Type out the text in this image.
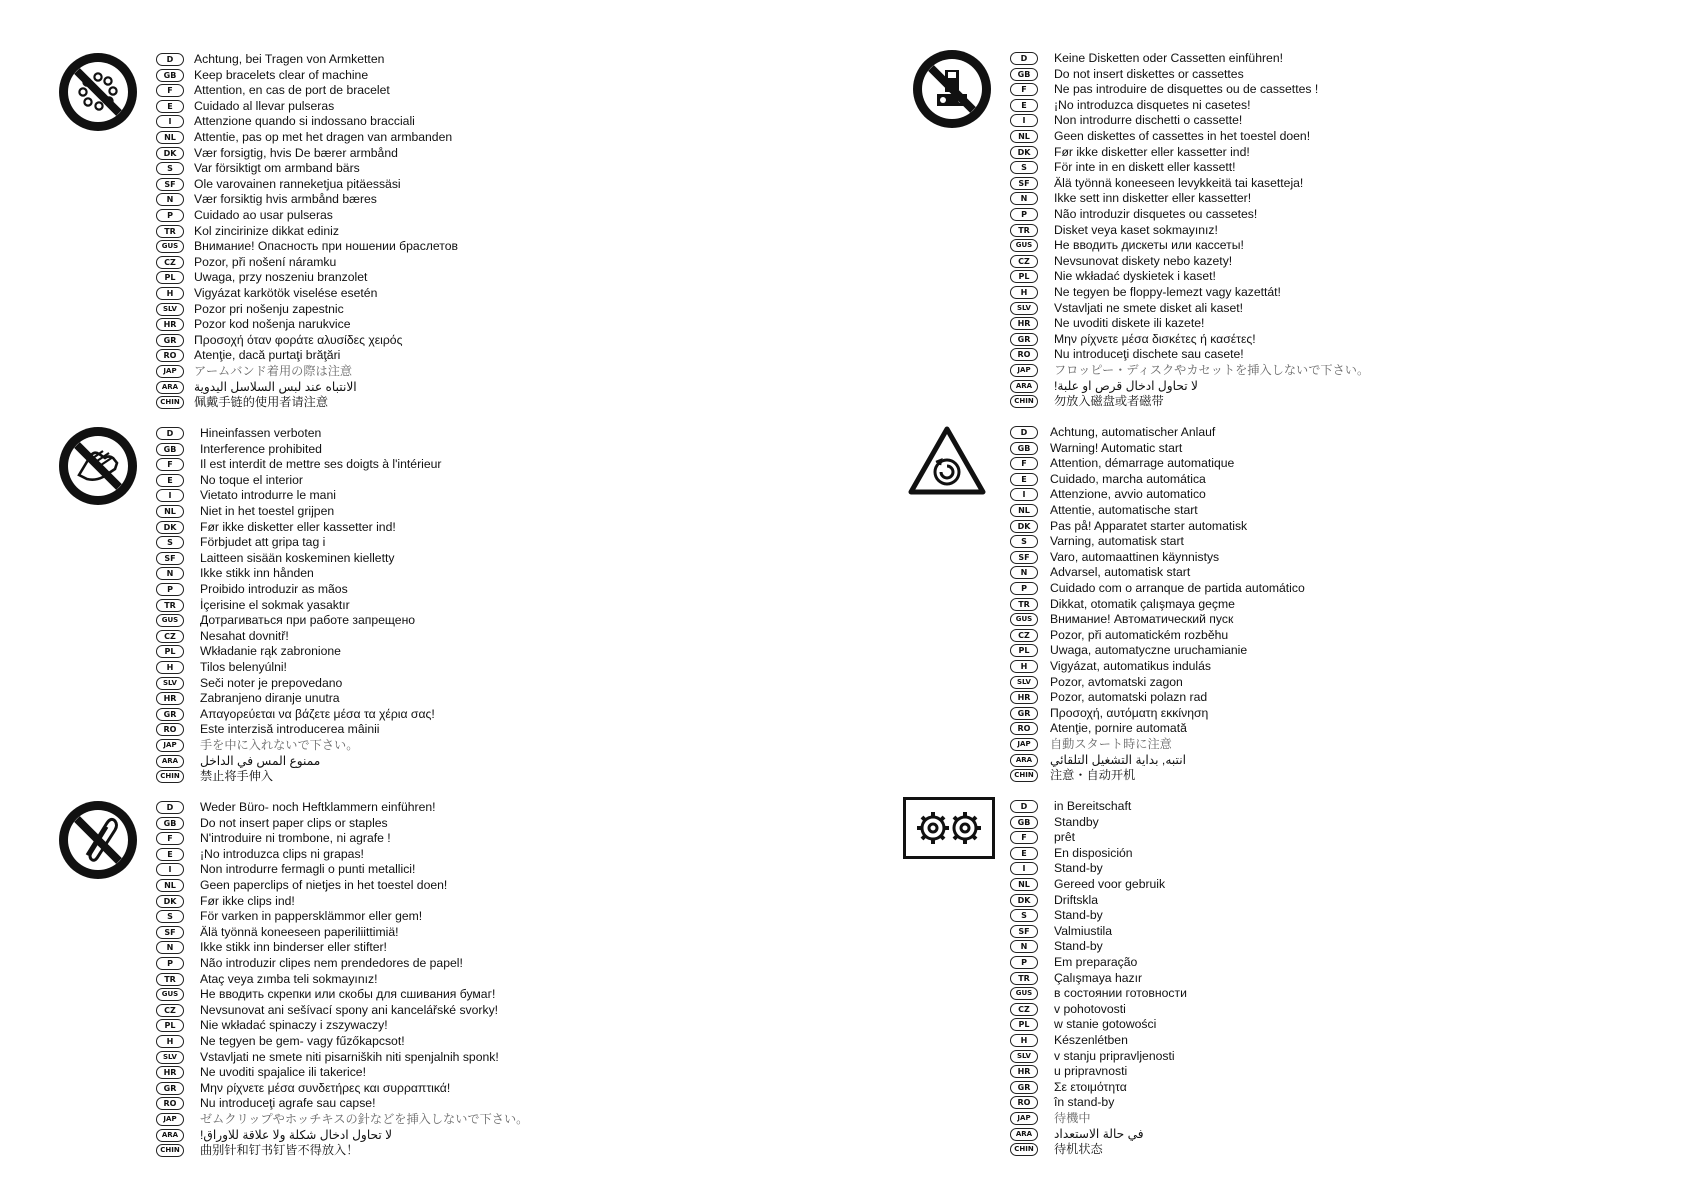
D	Achtung, bei Tragen von Armketten
GB	Keep bracelets clear of machine
F	Attention, en cas de port de bracelet
E	Cuidado al llevar pulseras
I	Attenzione quando si indossano bracciali
NL	Attentie, pas op met het dragen van armbanden
DK	Vær forsigtig, hvis De bærer armbånd
S	Var försiktigt om armband bärs
SF	Ole varovainen ranneketjua pitäessäsi
N	Vær forsiktig hvis armbånd bæres
P	Cuidado ao usar pulseras
TR	Kol zincirinize dikkat ediniz
GUS	Внимание! Опасность при ношении браслетов
CZ	Pozor, při nošení náramku
PL	Uwaga, przy noszeniu branzolet
H	Vigyázat karkötök viselése esetén
SLV	Pozor pri nošenju zapestnic
HR	Pozor kod nošenja narukvice
GR	Προσοχή όταν φοράτε αλυσίδες χειρός
RO	Atenţie, dacă purtaţi brăţări
JAP	アームバンド着用の際は注意
ARA	الانتباه عند لبس السلاسل اليدوية
CHIN	佩戴手链的使用者请注意
D	Hineinfassen verboten
GB	Interference prohibited
F	Il est interdit de mettre ses doigts à l'intérieur
E	No toque el interior
I	Vietato introdurre le mani
NL	Niet in het toestel grijpen
DK	Før ikke disketter eller kassetter ind!
S	Förbjudet att gripa tag i
SF	Laitteen sisään koskeminen kielletty
N	Ikke stikk inn hånden
P	Proibido introduzir as mãos
TR	İçerisine el sokmak yasaktır
GUS	Дотрагиваться при работе запрещено
CZ	Nesahat dovnitř!
PL	Wkładanie rąk zabronione
H	Tilos belenyúlni!
SLV	Seči noter je prepovedano
HR	Zabranjeno diranje unutra
GR	Απαγορεύεται να βάζετε μέσα τα χέρια σας!
RO	Este interzisă introducerea mâinii
JAP	手を中に入れないで下さい。
ARA	ممنوع المس في الداخل
CHIN	禁止将手伸入
D	Weder Büro- noch Heftklammern einführen!
GB	Do not insert paper clips or staples
F	N'introduire ni trombone, ni agrafe !
E	¡No introduzca clips ni grapas!
I	Non introdurre fermagli o punti metallici!
NL	Geen paperclips of nietjes in het toestel doen!
DK	Før ikke clips ind!
S	För varken in pappersklämmor eller gem!
SF	Älä työnnä koneeseen paperiliittimiä!
N	Ikke stikk inn binderser eller stifter!
P	Não introduzir clipes nem prendedores de papel!
TR	Ataç veya zımba teli sokmayınız!
GUS	Не вводить скрепки или скобы для сшивания бумаг!
CZ	Nevsunovat ani sešívací spony ani kancelářské svorky!
PL	Nie wkładać spinaczy i zszywaczy!
H	Ne tegyen be gem- vagy fűzőkapcsot!
SLV	Vstavljati ne smete niti pisarniških niti spenjalnih sponk!
HR	Ne uvoditi spajalice ili takerice!
GR	Μην ρίχνετε μέσα συνδετήρες και συρραπτικά!
RO	Nu introduceţi agrafe sau capse!
JAP	ゼムクリップやホッチキスの針などを挿入しないで下さい。
ARA	لا تحاول ادخال شكلة ولا علاقة للاوراق!
CHIN	曲别针和钉书钉皆不得放入！
D	Keine Disketten oder Cassetten einführen!
GB	Do not insert diskettes or cassettes
F	Ne pas introduire de disquettes ou de cassettes !
E	¡No introduzca disquetes ni casetes!
I	Non introdurre dischetti o cassette!
NL	Geen diskettes of cassettes in het toestel doen!
DK	Før ikke disketter eller kassetter ind!
S	För inte in en diskett eller kassett!
SF	Älä työnnä koneeseen levykkeitä tai kasetteja!
N	Ikke sett inn disketter eller kassetter!
P	Não introduzir disquetes ou cassetes!
TR	Disket veya kaset sokmayınız!
GUS	Не вводить дискеты или кассеты!
CZ	Nevsunovat diskety nebo kazety!
PL	Nie wkładać dyskietek i kaset!
H	Ne tegyen be floppy-lemezt vagy kazettát!
SLV	Vstavljati ne smete disket ali kaset!
HR	Ne uvoditi diskete ili kazete!
GR	Μην ρίχνετε μέσα δισκέτες ή κασέτες!
RO	Nu introduceţi dischete sau casete!
JAP	フロッピー・ディスクやカセットを挿入しないで下さい。
ARA	لا تحاول ادخال قرص او علبة!
CHIN	勿放入磁盘或者磁带
D	Achtung, automatischer Anlauf
GB	Warning! Automatic start
F	Attention, démarrage automatique
E	Cuidado, marcha automática
I	Attenzione, avvio automatico
NL	Attentie, automatische start
DK	Pas på! Apparatet starter automatisk
S	Varning, automatisk start
SF	Varo, automaattinen käynnistys
N	Advarsel, automatisk start
P	Cuidado com o arranque de partida automático
TR	Dikkat, otomatik çalışmaya geçme
GUS	Внимание! Автоматический пуск
CZ	Pozor, při automatickém rozběhu
PL	Uwaga, automatyczne uruchamianie
H	Vigyázat, automatikus indulás
SLV	Pozor, avtomatski zagon
HR	Pozor, automatski polazn rad
GR	Προσοχή, αυτόματη εκκίνηση
RO	Atenţie, pornire automată
JAP	自動スタート時に注意
ARA	انتبه, بداية التشغيل التلقائي
CHIN	注意・自动开机
D	in Bereitschaft
GB	Standby
F	prêt
E	En disposición
I	Stand-by
NL	Gereed voor gebruik
DK	Driftskla
S	Stand-by
SF	Valmiustila
N	Stand-by
P	Em preparação
TR	Çalışmaya hazır
GUS	в состоянии готовности
CZ	v pohotovosti
PL	w stanie gotowości
H	Készenlétben
SLV	v stanju pripravljenosti
HR	u pripravnosti
GR	Σε ετοιμότητα
RO	în stand-by
JAP	待機中
ARA	في حالة الاستعداد
CHIN	待机状态
